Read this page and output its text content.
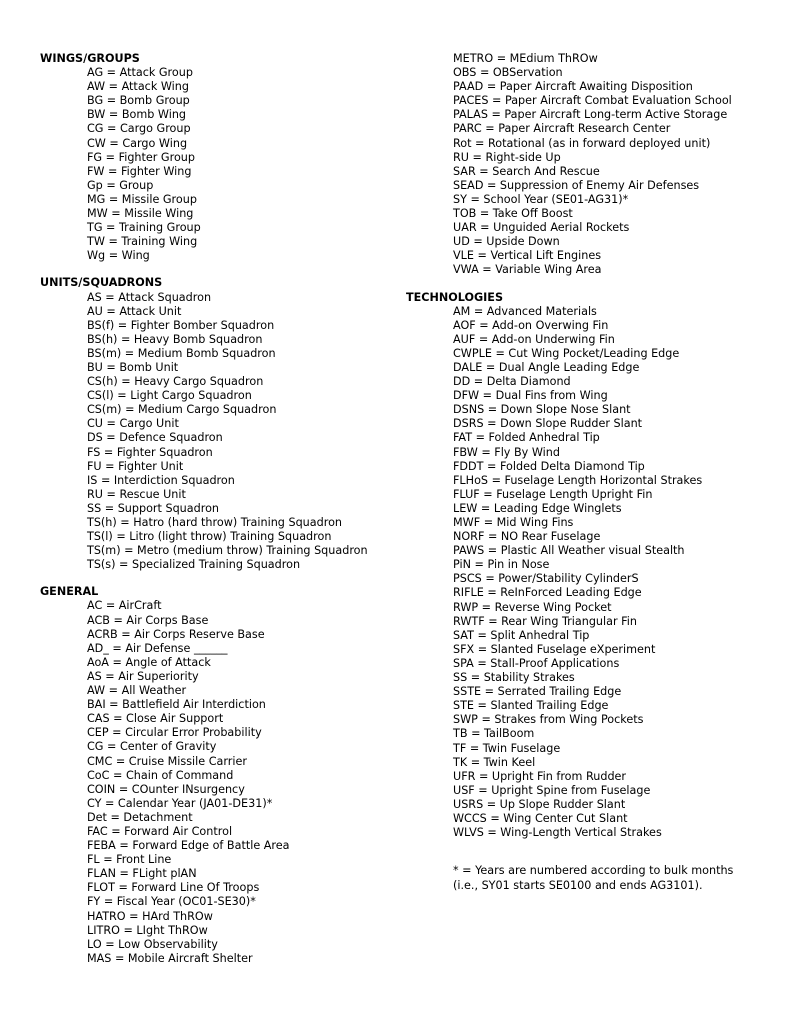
WINGS/GROUPS
AG = Attack Group
AW = Attack Wing
BG = Bomb Group
BW = Bomb Wing
CG = Cargo Group
CW = Cargo Wing
FG = Fighter Group
FW = Fighter Wing
Gp = Group
MG = Missile Group
MW = Missile Wing
TG = Training Group
TW = Training Wing
Wg = Wing
UNITS/SQUADRONS
AS = Attack Squadron
AU = Attack Unit
BS(f) = Fighter Bomber Squadron
BS(h) = Heavy Bomb Squadron
BS(m) = Medium Bomb Squadron
BU = Bomb Unit
CS(h) = Heavy Cargo Squadron
CS(l) = Light Cargo Squadron
CS(m) = Medium Cargo Squadron
CU = Cargo Unit
DS = Defence Squadron
FS = Fighter Squadron
FU = Fighter Unit
IS = Interdiction Squadron
RU = Rescue Unit
SS = Support Squadron
TS(h) = Hatro (hard throw) Training Squadron
TS(l) = Litro (light throw) Training Squadron
TS(m) = Metro (medium throw) Training Squadron
TS(s) = Specialized Training Squadron
GENERAL
AC = AirCraft
ACB = Air Corps Base
ACRB = Air Corps Reserve Base
AD_ = Air Defense ______
AoA = Angle of Attack
AS = Air Superiority
AW = All Weather
BAI = Battlefield Air Interdiction
CAS = Close Air Support
CEP = Circular Error Probability
CG = Center of Gravity
CMC = Cruise Missile Carrier
CoC = Chain of Command
COIN = COunter INsurgency
CY = Calendar Year (JA01-DE31)*
Det = Detachment
FAC = Forward Air Control
FEBA = Forward Edge of Battle Area
FL = Front Line
FLAN = FLight plAN
FLOT = Forward Line Of Troops
FY = Fiscal Year (OC01-SE30)*
HATRO = HArd ThROw
LITRO = LIght ThROw
LO = Low Observability
MAS = Mobile Aircraft Shelter
METRO = MEdium ThROw
OBS = OBServation
PAAD = Paper Aircraft Awaiting Disposition
PACES = Paper Aircraft Combat Evaluation School
PALAS = Paper Aircraft Long-term Active Storage
PARC = Paper Aircraft Research Center
Rot = Rotational (as in forward deployed unit)
RU = Right-side Up
SAR = Search And Rescue
SEAD = Suppression of Enemy Air Defenses
SY = School Year (SE01-AG31)*
TOB = Take Off Boost
UAR = Unguided Aerial Rockets
UD = Upside Down
VLE = Vertical Lift Engines
VWA = Variable Wing Area
TECHNOLOGIES
AM = Advanced Materials
AOF = Add-on Overwing Fin
AUF = Add-on Underwing Fin
CWPLE = Cut Wing Pocket/Leading Edge
DALE = Dual Angle Leading Edge
DD = Delta Diamond
DFW = Dual Fins from Wing
DSNS = Down Slope Nose Slant
DSRS = Down Slope Rudder Slant
FAT = Folded Anhedral Tip
FBW = Fly By Wind
FDDT = Folded Delta Diamond Tip
FLHoS = Fuselage Length Horizontal Strakes
FLUF = Fuselage Length Upright Fin
LEW = Leading Edge Winglets
MWF = Mid Wing Fins
NORF = NO Rear Fuselage
PAWS = Plastic All Weather visual Stealth
PiN = Pin in Nose
PSCS = Power/Stability CylinderS
RIFLE = ReInForced Leading Edge
RWP = Reverse Wing Pocket
RWTF = Rear Wing Triangular Fin
SAT = Split Anhedral Tip
SFX = Slanted Fuselage eXperiment
SPA = Stall-Proof Applications
SS = Stability Strakes
SSTE = Serrated Trailing Edge
STE = Slanted Trailing Edge
SWP = Strakes from Wing Pockets
TB = TailBoom
TF = Twin Fuselage
TK = Twin Keel
UFR = Upright Fin from Rudder
USF = Upright Spine from Fuselage
USRS = Up Slope Rudder Slant
WCCS = Wing Center Cut Slant
WLVS = Wing-Length Vertical Strakes
* = Years are numbered according to bulk months (i.e., SY01 starts SE0100 and ends AG3101).
